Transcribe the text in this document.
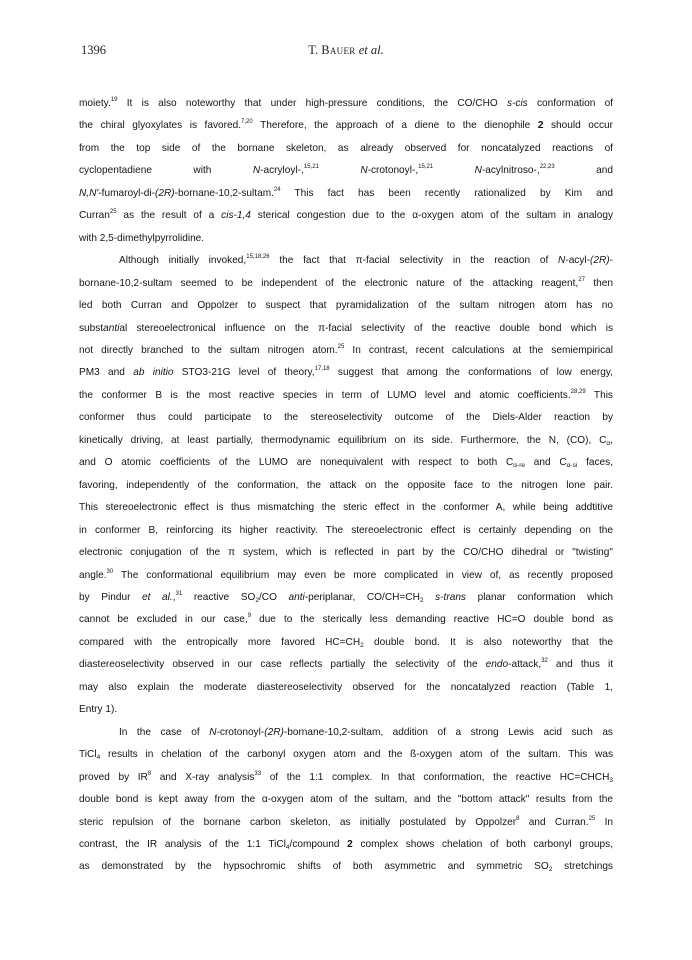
1396	T. Bauer et al.
moiety.$^{19}$ It is also noteworthy that under high-pressure conditions, the CO/CHO s-cis conformation of
the chiral glyoxylates is favored.$^{7,20}$ Therefore, the approach of a diene to the dienophile 2 should occur
from the top side of the bornane skeleton, as already observed for noncatalyzed reactions of
cyclopentadiene with N-acryloyl-,$^{15,21}$	N-crotonoyl-,$^{15,21}$	N-acylnitroso-,$^{22,23}$ and
N,N'-fumaroyl-di-(2R)-bornane-10,2-sultam.$^{24}$ This fact has been recently rationalized by Kim and
Curran$^{25}$ as the result of a cis-1,4 sterical congestion due to the α-oxygen atom of the sultam in analogy
with 2,5-dimethylpyrrolidine.
Although initially invoked,$^{15,18,26}$ the fact that π-facial selectivity in the reaction of N-acyl-(2R)-
bornane-10,2-sultam seemed to be independent of the electronic nature of the attacking reagent,$^{27}$ then
led both Curran and Oppolzer to suspect that pyramidalization of the sultam nitrogen atom has no
substantial stereoelectronical influence on the π-facial selectivity of the reactive double bond which is
not directly branched to the sultam nitrogen atom.$^{25}$ In contrast, recent calculations at the semiempirical
PM3 and ab initio STO3-21G level of theory,$^{17,18}$ suggest that among the conformations of low energy,
the conformer B is the most reactive species in term of LUMO level and atomic coefficients.$^{28,29}$ This
conformer thus could participate to the stereoselectivity outcome of the Diels-Alder reaction by
kinetically driving, at least partially, thermodynamic equilibrium on its side. Furthermore, the N, (CO), $C_\alpha$,
and O atomic coefficients of the LUMO are nonequivalent with respect to both $C_{\alpha-re}$ and $C_{\alpha-si}$ faces,
favoring, independently of the conformation, the attack on the opposite face to the nitrogen lone pair.
This stereoelectronic effect is thus mismatching the steric effect in the conformer A, while being addtitive
in conformer B, reinforcing its higher reactivity. The stereoelectronic effect is certainly depending on the
electronic conjugation of the π system, which is reflected in part by the CO/CHO dihedral or "twisting"
angle.$^{30}$ The conformational equilibrium may even be more complicated in view of, as recently proposed
by Pindur et al.,$^{31}$ reactive $SO_2/CO$ anti-periplanar, $CO/CH=CH_2$ s-trans planar conformation which
cannot be excluded in our case,$^9$ due to the sterically less demanding reactive HC=O double bond as
compared with the entropically more favored $HC=CH_2$ double bond. It is also noteworthy that the
diastereoselectivity observed in our case reflects partially the selectivity of the endo-attack,$^{32}$ and thus it
may also explain the moderate diastereoselectivity observed for the noncatalyzed reaction (Table 1,
Entry 1).
In the case of N-crotonoyl-(2R)-bornane-10,2-sultam, addition of a strong Lewis acid such as
TiCl$_4$ results in chelation of the carbonyl oxygen atom and the ß-oxygen atom of the sultam. This was
proved by $IR^8$ and X-ray analysis$^{33}$ of the 1:1 complex. In that conformation, the reactive $HC=CHCH_3$
double bond is kept away from the α-oxygen atom of the sultam, and the "bottom attack" results from the
steric repulsion of the bornane carbon skeleton, as initially postulated by Oppolzer$^8$ and Curran.$^{25}$ In
contrast, the IR analysis of the 1:1 TiCl$_4$/compound 2 complex shows chelation of both carbonyl groups,
as demonstrated by the hypsochromic shifts of both asymmetric and symmetric $SO_2$ stretchings
